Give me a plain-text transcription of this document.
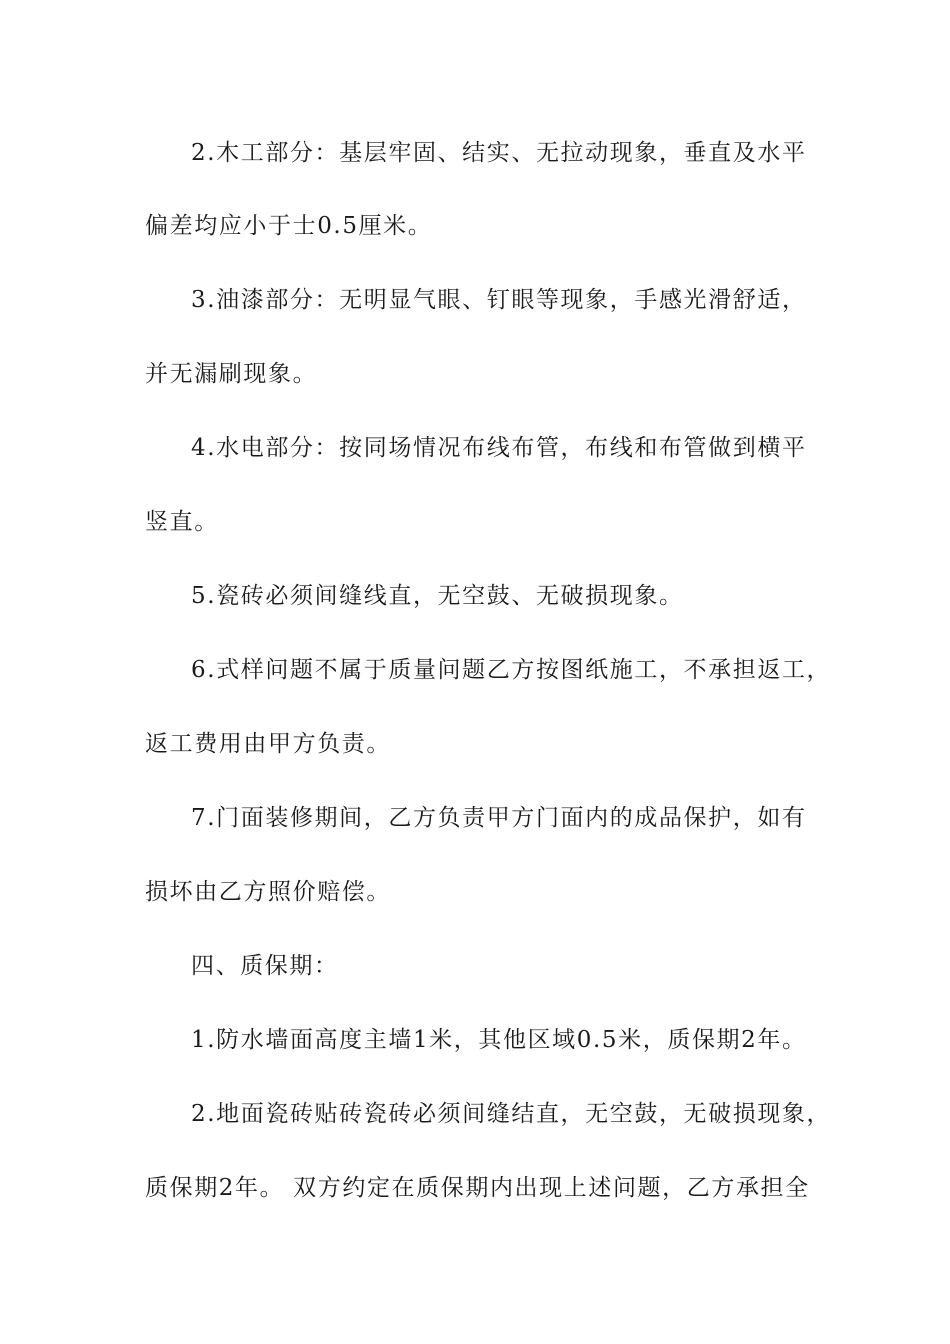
2.木工部分：基层牢固、结实、无拉动现象，垂直及水平
偏差均应小于士0.5厘米。
3.油漆部分：无明显气眼、钉眼等现象，手感光滑舒适，
并无漏刷现象。
4.水电部分：按同场情况布线布管，布线和布管做到横平
竖直。
5.瓷砖必须间缝线直，无空鼓、无破损现象。
6.式样问题不属于质量问题乙方按图纸施工，不承担返工，
返工费用由甲方负责。
7.门面装修期间，乙方负责甲方门面内的成品保护，如有
损坏由乙方照价赔偿。
四、质保期：
1.防水墙面高度主墙1米，其他区域0.5米，质保期2年。
2.地面瓷砖贴砖瓷砖必须间缝结直，无空鼓，无破损现象，
质保期2年。 双方约定在质保期内出现上述问题，乙方承担全
